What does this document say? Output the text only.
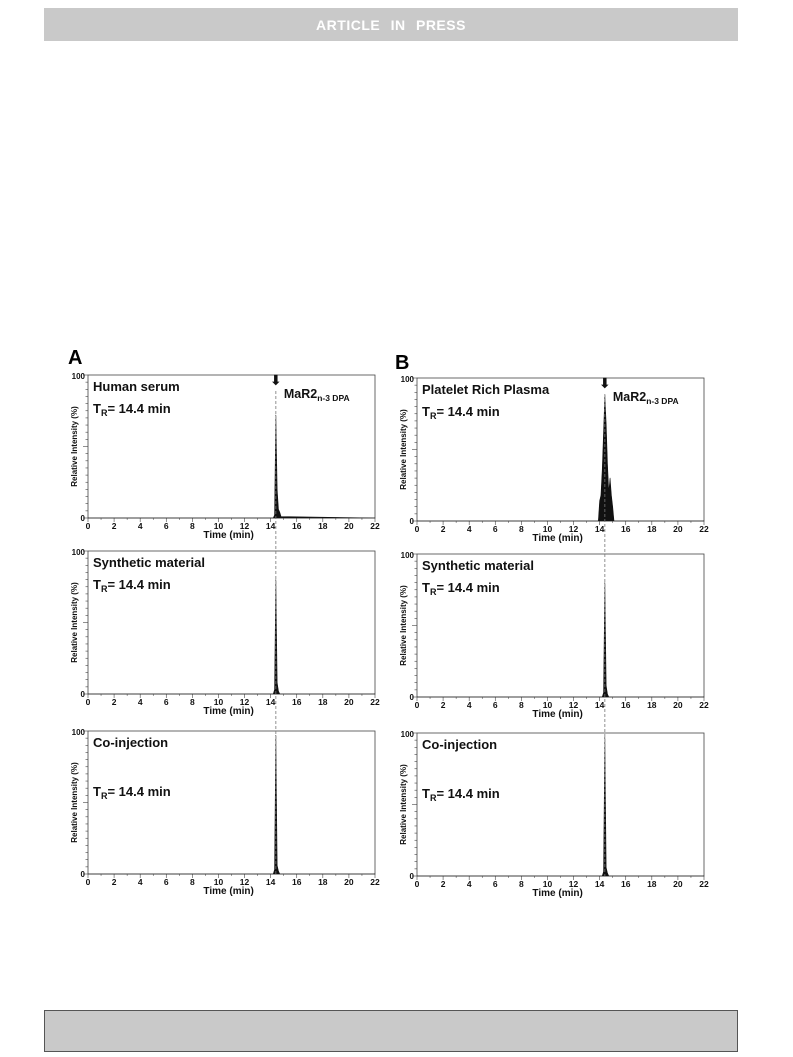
ARTICLE IN PRESS
A	B
100
0
Relative Intensity (%)
0	2	4	6	8 10 12 14 16 18 20 22
Time (min)
Human serum
$T_R= 14.4$ min
100
0
Relative Intensity (%)
0	2	4	6	8 10 12 14 16 18 20 22
Time (min)
Synthetic material
$T_R= 14.4$ min
100
0
Relative Intensity (%)
0	2	4	6	8 10 12 14 16 18 20 22
Time (min)
Co-injection
$T_R= 14.4$ min
100
0
Relative Intensity (%)
0	2	4	6	8 10 12 14 16 18 20 22
Time (min)
Platelet Rich Plasma
$T_R= 14.4$ min
100
0
Relative Intensity (%)
0	2	4	6	8 10 12 14 16 18 20 22
Time (min)
Synthetic material
$T_R= 14.4$ min
100
0
Relative Intensity (%)
0	2	4	6	8 10 12 14 16 18 20 22
Time (min)
Co-injection
$T_R= 14.4$ min
⬇
$MaR2_{n-3 DPA}$
⬇
$MaR2_{n-3 DPA}$
